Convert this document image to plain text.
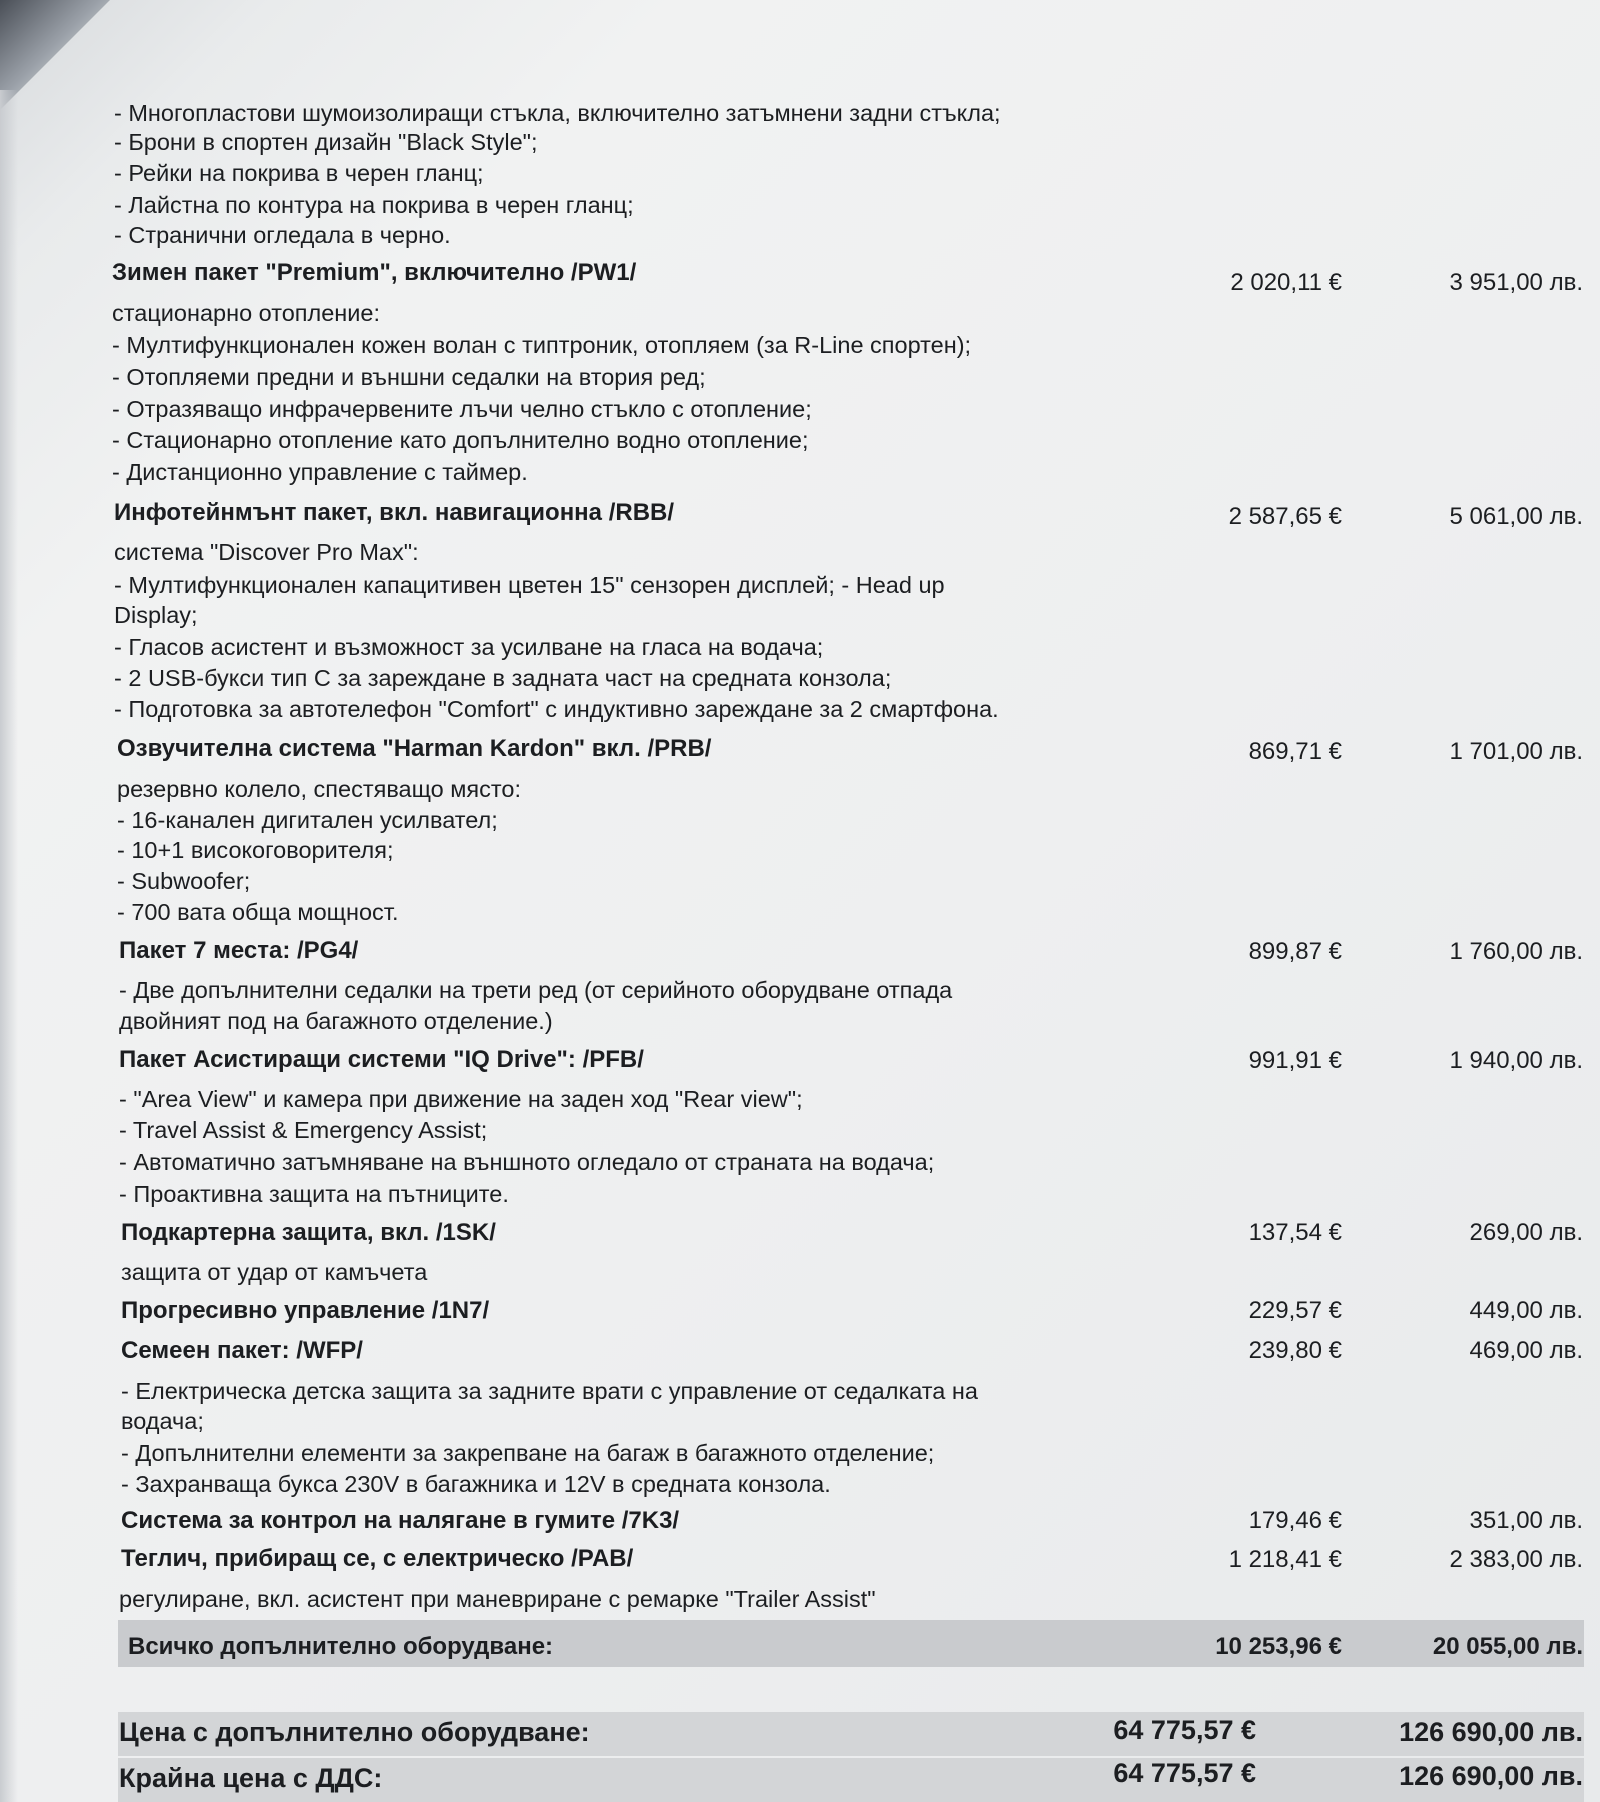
- Многопластови шумоизолиращи стъкла, включително затъмнени задни стъкла;
- Брони в спортен дизайн "Black Style";
- Рейки на покрива в черен гланц;
- Лайстна по контура на покрива в черен гланц;
- Странични огледала в черно.
Зимен пакет "Premium", включително /PW1/	2 020,11 €	3 951,00 лв.
стационарно отопление:
- Мултифункционален кожен волан с типтроник, отопляем (за R-Line спортен);
- Отопляеми предни и външни седалки на втория ред;
- Отразяващо инфрачервените лъчи челно стъкло с отопление;
- Стационарно отопление като допълнително водно отопление;
- Дистанционно управление с таймер.
Инфотейнмънт пакет, вкл. навигационна /RBB/	2 587,65 €	5 061,00 лв.
система "Discover Pro Max":
- Мултифункционален капацитивен цветен 15" сензорен дисплей; - Head up
Display;
- Гласов асистент и възможност за усилване на гласа на водача;
- 2 USB-букси тип C за зареждане в задната част на средната конзола;
- Подготовка за автотелефон "Comfort" с индуктивно зареждане за 2 смартфона.
Озвучителна система "Harman Kardon" вкл. /PRB/	869,71 €	1 701,00 лв.
резервно колело, спестяващо място:
- 16-канален дигитален усилвател;
- 10+1 високоговорителя;
- Subwoofer;
- 700 вата обща мощност.
Пакет 7 места: /PG4/	899,87 €	1 760,00 лв.
- Две допълнителни седалки на трети ред (от серийното оборудване отпада
двойният под на багажното отделение.)
Пакет Асистиращи системи "IQ Drive": /PFB/	991,91 €	1 940,00 лв.
- "Area View" и камера при движение на заден ход "Rear view";
- Travel Assist & Emergency Assist;
- Автоматично затъмняване на външното огледало от страната на водача;
- Проактивна защита на пътниците.
Подкартерна защита, вкл. /1SK/	137,54 €	269,00 лв.
защита от удар от камъчета
Прогресивно управление /1N7/	229,57 €	449,00 лв.
Семеен пакет: /WFP/	239,80 €	469,00 лв.
- Електрическа детска защита за задните врати с управление от седалката на
водача;
- Допълнителни елементи за закрепване на багаж в багажното отделение;
- Захранваща букса 230V в багажника и 12V в средната конзола.
Система за контрол на налягане в гумите /7K3/	179,46 €	351,00 лв.
Теглич, прибиращ се, с електрическо /PAB/	1 218,41 €	2 383,00 лв.
регулиране, вкл. асистент при маневриране с ремарке "Trailer Assist"
Всичко допълнително оборудване:	10 253,96 €	20 055,00 лв.
Цена с допълнително оборудване:	64 775,57 €	126 690,00 лв.
Крайна цена с ДДС:	64 775,57 €	126 690,00 лв.
